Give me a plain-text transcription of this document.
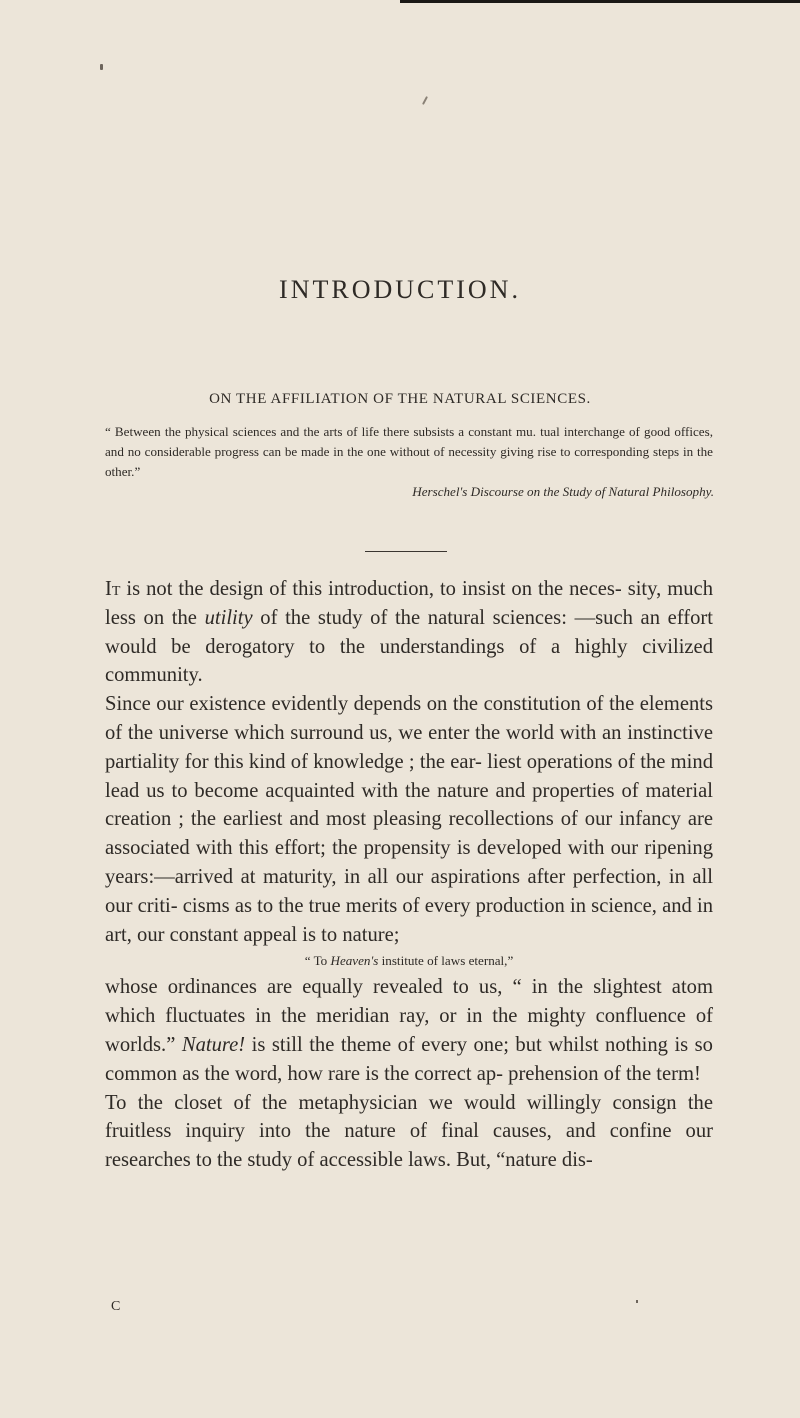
INTRODUCTION.
ON THE AFFILIATION OF THE NATURAL SCIENCES.

“ Between the physical sciences and the arts of life there subsists a constant mu. tual interchange of good offices, and no considerable progress can be made in the one without of necessity giving rise to corresponding steps in the other.”

Herschel's Discourse on the Study of Natural Philosophy.

It is not the design of this introduction, to insist on the neces- sity, much less on the utility of the study of the natural sciences: —such an effort would be derogatory to the understandings of a highly civilized community.

Since our existence evidently depends on the constitution of the elements of the universe which surround us, we enter the world with an instinctive partiality for this kind of knowledge ; the ear- liest operations of the mind lead us to become acquainted with the nature and properties of material creation ; the earliest and most pleasing recollections of our infancy are associated with this effort; the propensity is developed with our ripening years:—arrived at maturity, in all our aspirations after perfection, in all our criti- cisms as to the true merits of every production in science, and in art, our constant appeal is to nature;

“ To Heaven's institute of laws eternal,”

whose ordinances are equally revealed to us, “ in the slightest atom which fluctuates in the meridian ray, or in the mighty confluence of worlds.” Nature! is still the theme of every one; but whilst nothing is so common as the word, how rare is the correct ap- prehension of the term!

To the closet of the metaphysician we would willingly consign the fruitless inquiry into the nature of final causes, and confine our researches to the study of accessible laws. But, “nature dis-

C
